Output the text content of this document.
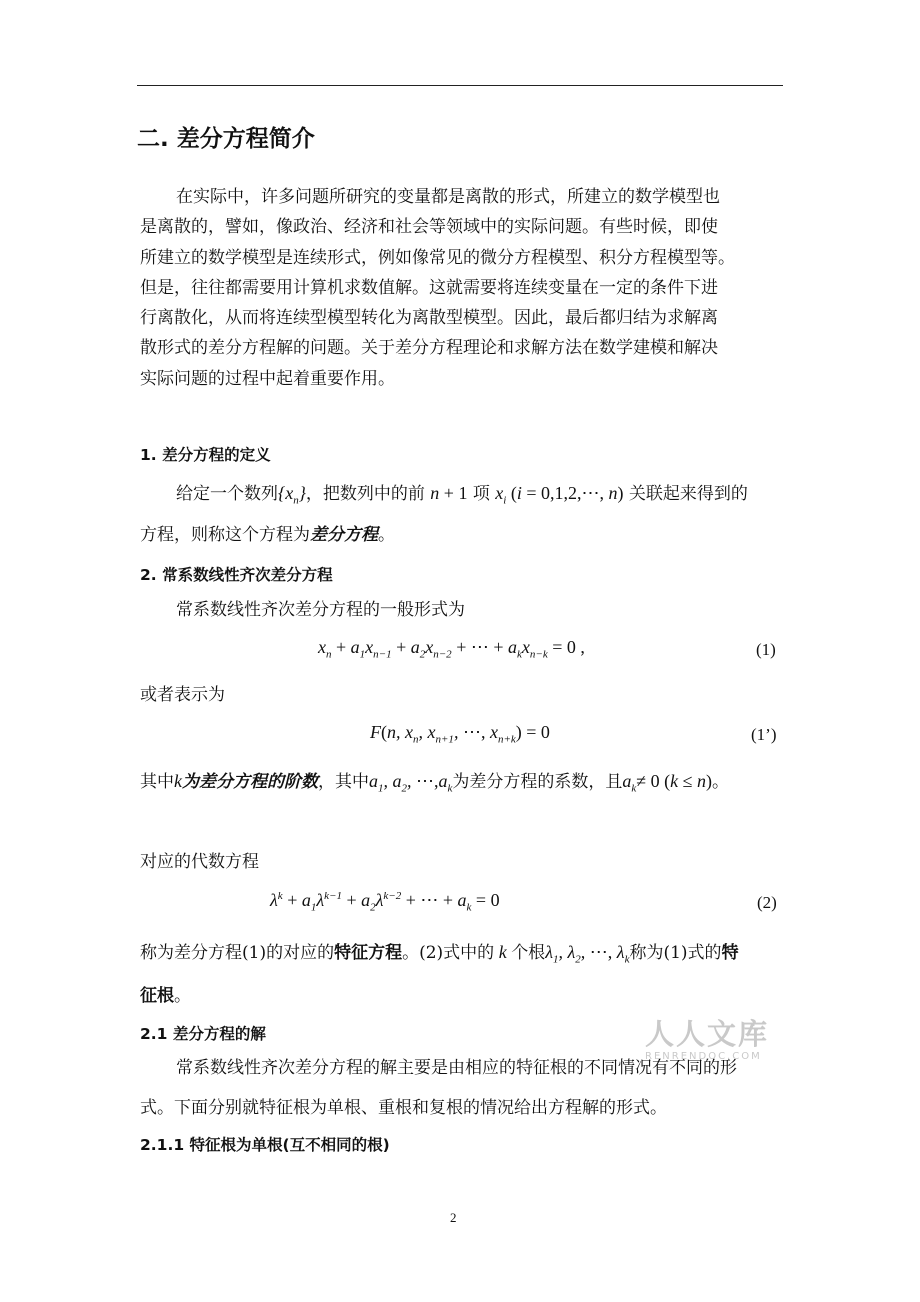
二. 差分方程简介
在实际中，许多问题所研究的变量都是离散的形式，所建立的数学模型也
是离散的，譬如，像政治、经济和社会等领域中的实际问题。有些时候，即使
所建立的数学模型是连续形式，例如像常见的微分方程模型、积分方程模型等。
但是，往往都需要用计算机求数值解。这就需要将连续变量在一定的条件下进
行离散化，从而将连续型模型转化为离散型模型。因此，最后都归结为求解离
散形式的差分方程解的问题。关于差分方程理论和求解方法在数学建模和解决
实际问题的过程中起着重要作用。
1. 差分方程的定义
给定一个数列$\{x_n\}$，把数列中的前 n + 1 项 $x_i$ (i = 0,1,2,⋯, n) 关联起来得到的
方程，则称这个方程为差分方程。
2. 常系数线性齐次差分方程
常系数线性齐次差分方程的一般形式为
$x_n + a_1x_{n-1} + a_2x_{n-2}$ + ⋯ + $a_kx_{n-k} = 0$ ,	(1)
或者表示为
F(n, $x_n$, $x_{n+1}$, ⋯, $x_{n+k}) = 0$	(1’)
其中k为差分方程的阶数，其中$a_1$, $a_2$, $\cdots,a_k$为差分方程的系数，且$a_k\ne 0$ (k ≤ n)。
对应的代数方程
$\lambda^k + a_1\lambda^{k-1} + a_2\lambda^{k-2}$ + ⋯ + $a_k = 0$	(2)
称为差分方程(1)的对应的特征方程。(2)式中的 k 个根$\lambda_1$, $\lambda_2$, ⋯, $\lambda_k$称为(1)式的特
征根。
2.1 差分方程的解
常系数线性齐次差分方程的解主要是由相应的特征根的不同情况有不同的形
式。下面分别就特征根为单根、重根和复根的情况给出方程解的形式。
2.1.1 特征根为单根(互不相同的根)
人人文库
RENRENDOC.COM
2
